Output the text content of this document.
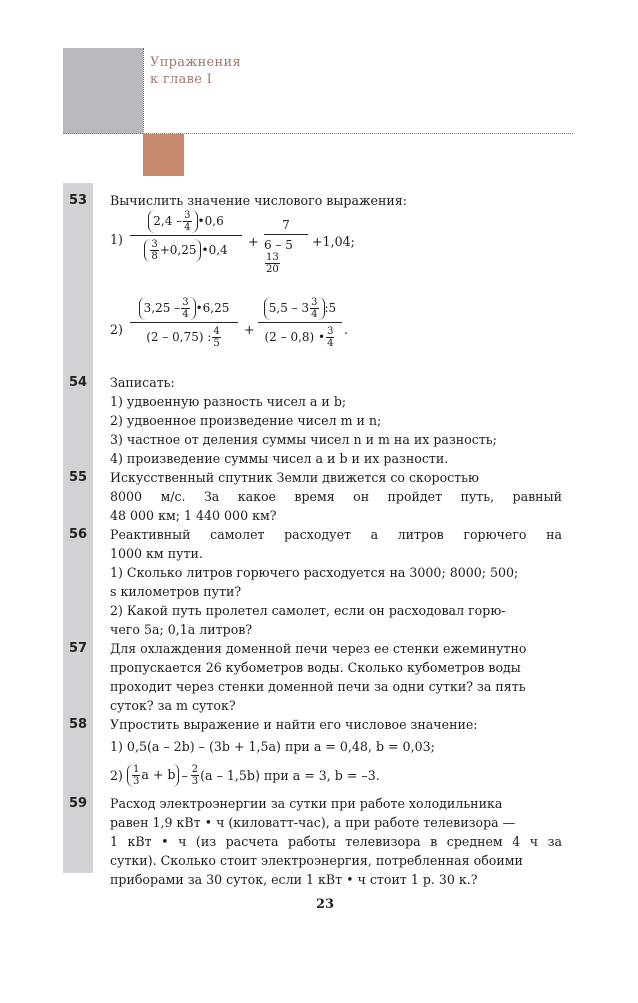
Упражнения
к главе I
53	Вычислить значение числового выражения:
1)
$2,4 - \frac{3}{4}$ •0,6
$\frac{3}{8} +0,25$ •0,4
+
7
6 – 5
$\frac{13}{20}$
+1,04;
2)
$3,25 - \frac{3}{4}$ •6,25
(2 – 0,75) : $\frac{4}{5}$ +
$5,5 - 3 \frac{3}{4}$ :5
(2 – 0,8) • $\frac{3}{4}$ .
54	Записать:
1) удвоенную разность чисел a и b;
2) удвоенное произведение чисел m и n;
3) частное от деления суммы чисел n и m на их разность;
4) произведение суммы чисел a и b и их разности.
55	Искусственный спутник Земли движется со скоростью
8000 м/с. За какое время он пройдет путь, равный
48 000 км; 1 440 000 км?
56	Реактивный самолет расходует a литров горючего на
1000 км пути.
1) Сколько литров горючего расходуется на 3000; 8000; 500;
s километров пути?
2) Какой путь пролетел самолет, если он расходовал горю-
чего 5a; 0,1a литров?
57	Для охлаждения доменной печи через ее стенки ежеминутно
пропускается 26 кубометров воды. Сколько кубометров воды
проходит через стенки доменной печи за одни сутки? за пять
суток? за m суток?
58	Упростить выражение и найти его числовое значение:
1) 0,5(a – 2b) – (3b + 1,5a) при a = 0,48, b = 0,03;
2)
$\frac{1}{3}$ $a + b - \frac{2}{3} (a - 1,5b)$ при a = 3, b = –3.
59	Расход электроэнергии за сутки при работе холодильника
равен 1,9 кВт • ч (киловатт-час), а при работе телевизора —
1 кВт • ч (из расчета работы телевизора в среднем 4 ч за
сутки). Сколько стоит электроэнергия, потребленная обоими
приборами за 30 суток, если 1 кВт • ч стоит 1 р. 30 к.?
23
